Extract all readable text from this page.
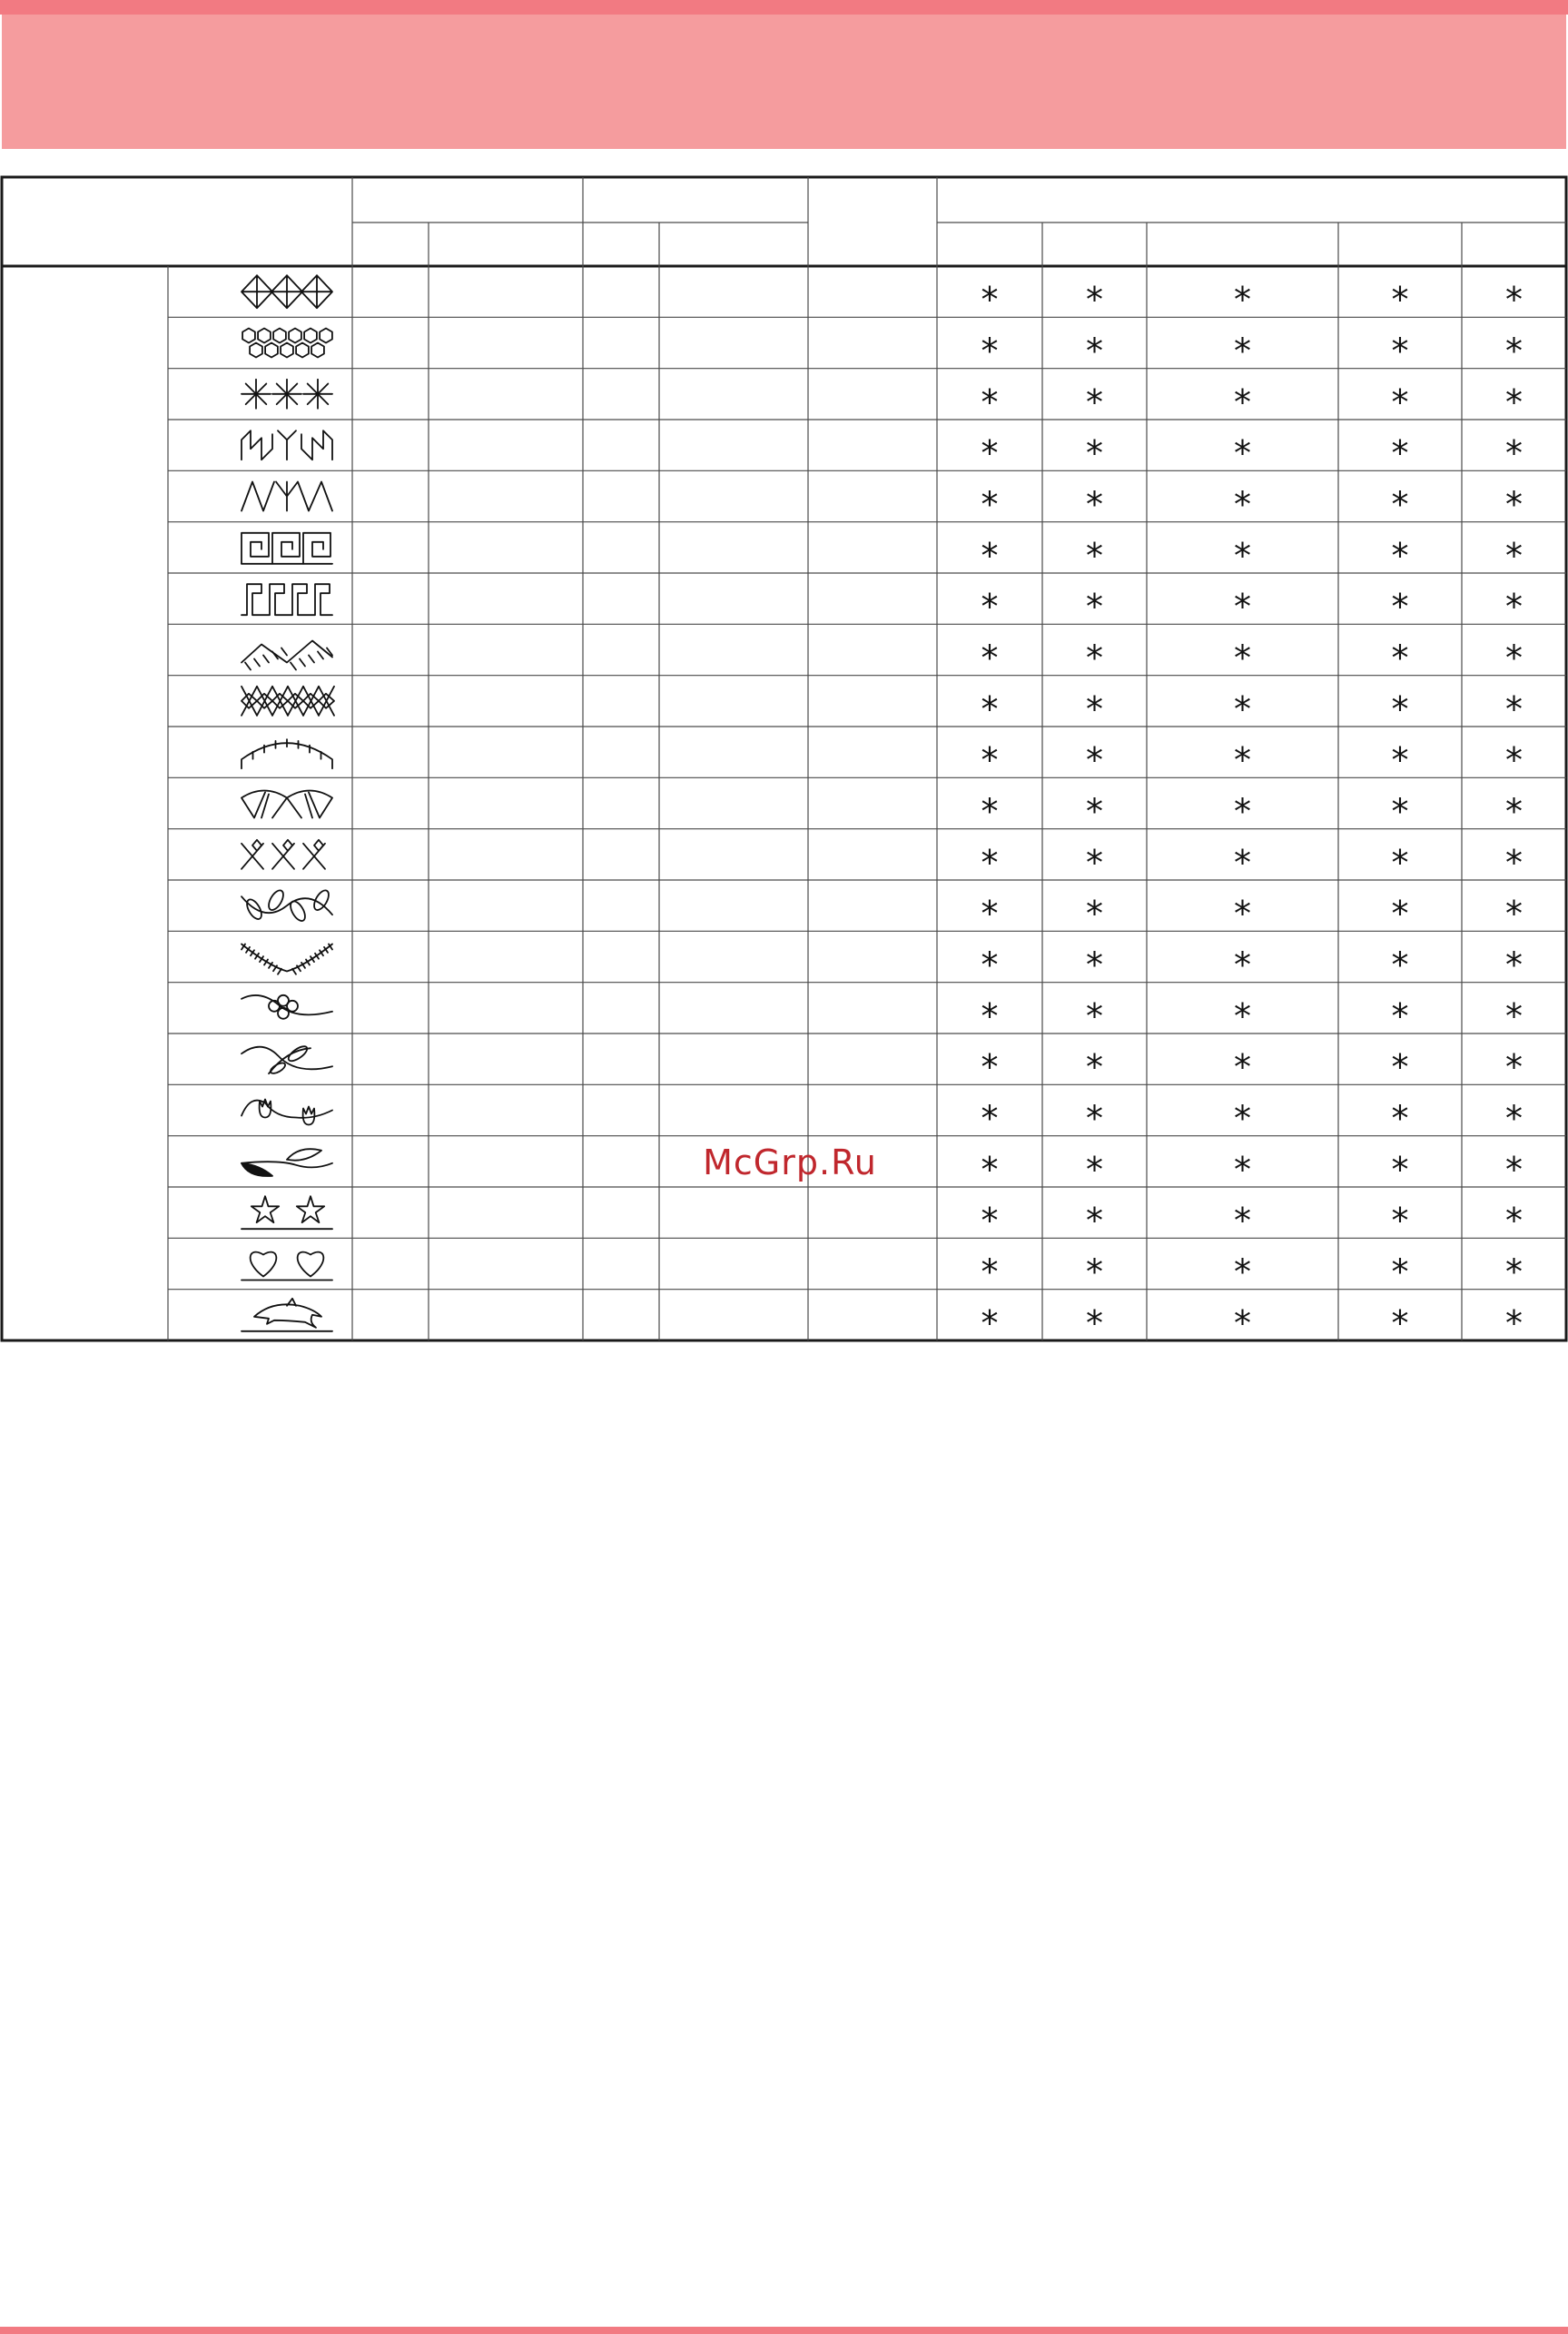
*	*	*	*	*
*	*	*	*	*
*	*	*	*	*
*	*	*	*	*
*	*	*	*	*
*	*	*	*	*
*	*	*	*	*
*	*	*	*	*
*	*	*	*	*
*	*	*	*	*
*	*	*	*	*
*	*	*	*	*
*	*	*	*	*
*	*	*	*	*
*	*	*	*	*
*	*	*	*	*
*	*	*	*	*
*	*	*	*	*
*	*	*	*	*
*	*	*	*	*
*	*	*	*	*
McGrp.Ru
